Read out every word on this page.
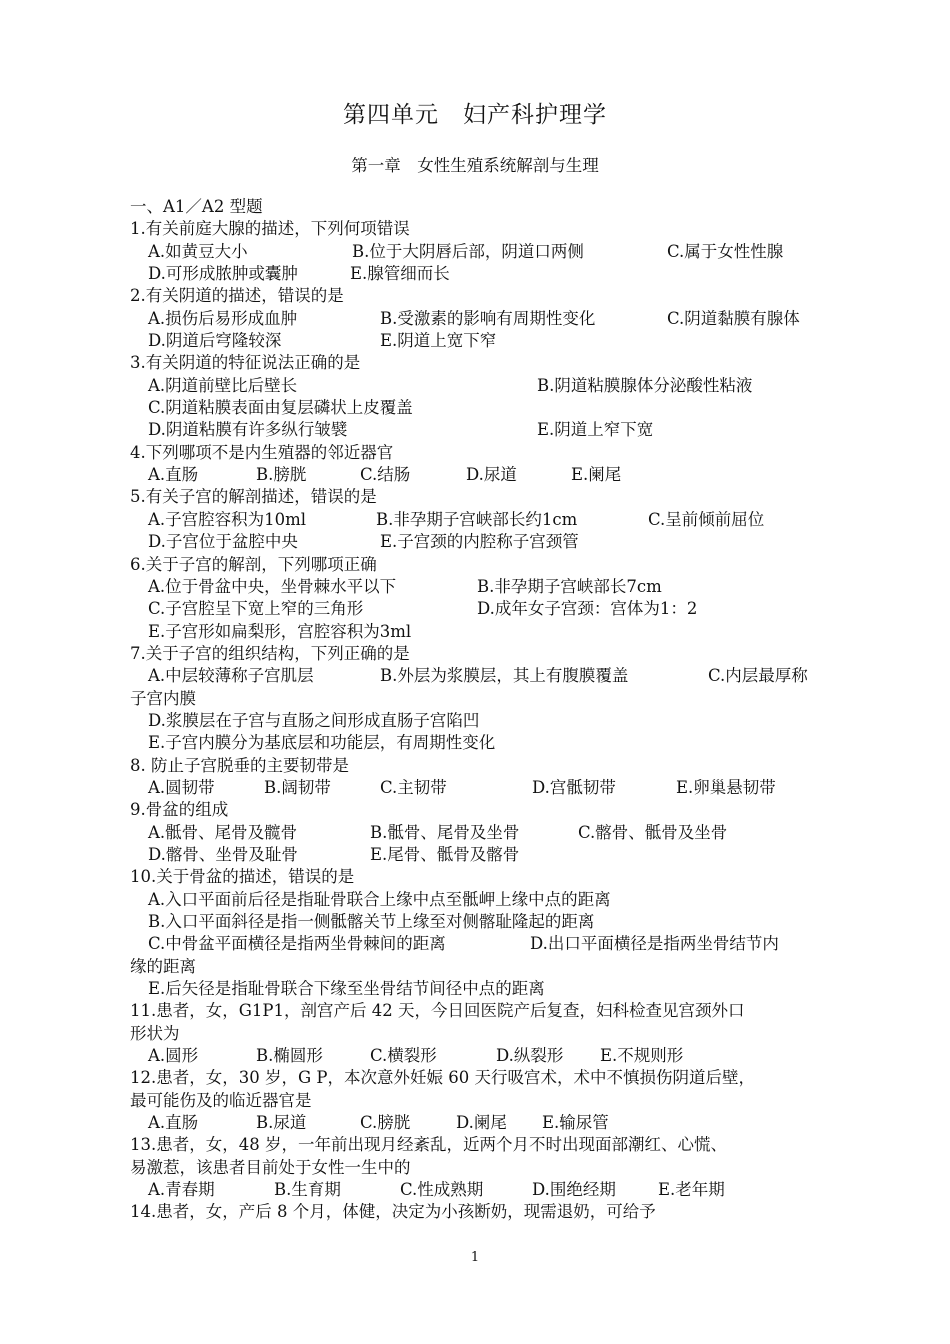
第四单元　妇产科护理学
第一章　女性生殖系统解剖与生理
一、A1／A2 型题
1.有关前庭大腺的描述，下列何项错误
A.如黄豆大小	B.位于大阴唇后部，阴道口两侧	C.属于女性性腺
D.可形成脓肿或囊肿	E.腺管细而长
2.有关阴道的描述，错误的是
A.损伤后易形成血肿	B.受激素的影响有周期性变化	C.阴道黏膜有腺体
D.阴道后穹隆较深	E.阴道上宽下窄
3.有关阴道的特征说法正确的是
A.阴道前壁比后壁长	B.阴道粘膜腺体分泌酸性粘液
C.阴道粘膜表面由复层磷状上皮覆盖
D.阴道粘膜有许多纵行皱襞	E.阴道上窄下宽
4.下列哪项不是内生殖器的邻近器官
A.直肠	B.膀胱	C.结肠	D.尿道	E.阑尾
5.有关子宫的解剖描述，错误的是
A.子宫腔容积为10ml	B.非孕期子宫峡部长约1cm	C.呈前倾前屈位
D.子宫位于盆腔中央	E.子宫颈的内腔称子宫颈管
6.关于子宫的解剖，下列哪项正确
A.位于骨盆中央，坐骨棘水平以下	B.非孕期子宫峡部长7cm
C.子宫腔呈下宽上窄的三角形	D.成年女子宫颈：宫体为1：2
E.子宫形如扁梨形，宫腔容积为3ml
7.关于子宫的组织结构，下列正确的是
A.中层较薄称子宫肌层	B.外层为浆膜层，其上有腹膜覆盖	C.内层最厚称
子宫内膜
D.浆膜层在子宫与直肠之间形成直肠子宫陷凹
E.子宫内膜分为基底层和功能层，有周期性变化
8. 防止子宫脱垂的主要韧带是
A.圆韧带	B.阔韧带	C.主韧带	D.宫骶韧带	E.卵巢悬韧带
9.骨盆的组成
A.骶骨、尾骨及髋骨	B.骶骨、尾骨及坐骨	C.髂骨、骶骨及坐骨
D.髂骨、坐骨及耻骨	E.尾骨、骶骨及髂骨
10.关于骨盆的描述，错误的是
A.入口平面前后径是指耻骨联合上缘中点至骶岬上缘中点的距离
B.入口平面斜径是指一侧骶髂关节上缘至对侧髂耻隆起的距离
C.中骨盆平面横径是指两坐骨棘间的距离	D.出口平面横径是指两坐骨结节内
缘的距离
E.后矢径是指耻骨联合下缘至坐骨结节间径中点的距离
11.患者，女，G1P1，剖宫产后 42 天，今日回医院产后复查，妇科检查见宫颈外口
形状为
A.圆形	B.椭圆形	C.横裂形	D.纵裂形 E.不规则形
12.患者，女，30 岁，G P，本次意外妊娠 60 天行吸宫术，术中不慎损伤阴道后壁，
最可能伤及的临近器官是
A.直肠	B.尿道	C.膀胱	D.阑尾 E.输尿管
13.患者，女，48 岁，一年前出现月经紊乱，近两个月不时出现面部潮红、心慌、
易激惹，该患者目前处于女性一生中的
A.青春期	B.生育期	C.性成熟期	D.围绝经期	E.老年期
14.患者，女，产后 8 个月，体健，决定为小孩断奶，现需退奶，可给予
1
